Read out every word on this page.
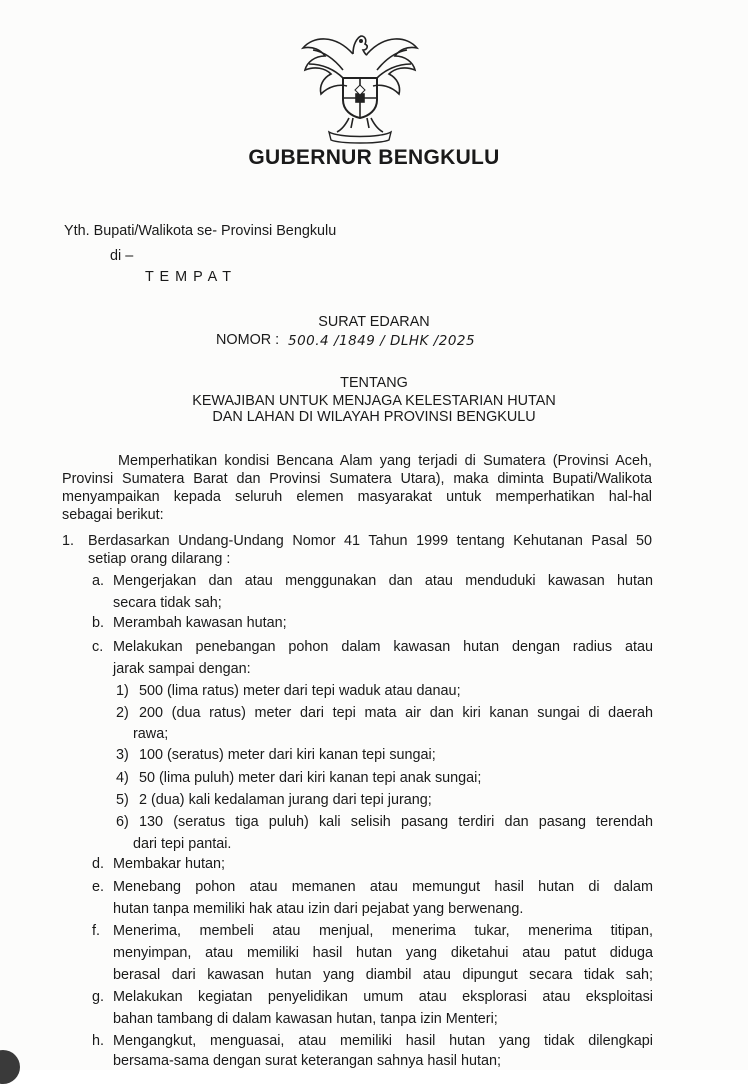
GUBERNUR BENGKULU
Yth. Bupati/Walikota se- Provinsi Bengkulu
di –
T E M P A T
SURAT EDARAN
NOMOR : 500.4 /1849 / DLHK /2025
TENTANG
KEWAJIBAN UNTUK MENJAGA KELESTARIAN HUTAN
DAN LAHAN DI WILAYAH PROVINSI BENGKULU
Memperhatikan kondisi Bencana Alam yang terjadi di Sumatera (Provinsi Aceh,
Provinsi Sumatera Barat dan Provinsi Sumatera Utara), maka diminta Bupati/Walikota
menyampaikan kepada seluruh elemen masyarakat untuk memperhatikan hal-hal
sebagai berikut:
1. Berdasarkan Undang-Undang Nomor 41 Tahun 1999 tentang Kehutanan Pasal 50
setiap orang dilarang :
a. Mengerjakan dan atau menggunakan dan atau menduduki kawasan hutan
secara tidak sah;
b. Merambah kawasan hutan;
c. Melakukan penebangan pohon dalam kawasan hutan dengan radius atau
jarak sampai dengan:
1) 500 (lima ratus) meter dari tepi waduk atau danau;
2) 200 (dua ratus) meter dari tepi mata air dan kiri kanan sungai di daerah
rawa;
3) 100 (seratus) meter dari kiri kanan tepi sungai;
4) 50 (lima puluh) meter dari kiri kanan tepi anak sungai;
5) 2 (dua) kali kedalaman jurang dari tepi jurang;
6) 130 (seratus tiga puluh) kali selisih pasang terdiri dan pasang terendah
dari tepi pantai.
d. Membakar hutan;
e. Menebang pohon atau memanen atau memungut hasil hutan di dalam
hutan tanpa memiliki hak atau izin dari pejabat yang berwenang.
f. Menerima, membeli atau menjual, menerima tukar, menerima titipan,
menyimpan, atau memiliki hasil hutan yang diketahui atau patut diduga
berasal dari kawasan hutan yang diambil atau dipungut secara tidak sah;
g. Melakukan kegiatan penyelidikan umum atau eksplorasi atau eksploitasi
bahan tambang di dalam kawasan hutan, tanpa izin Menteri;
h. Mengangkut, menguasai, atau memiliki hasil hutan yang tidak dilengkapi
bersama-sama dengan surat keterangan sahnya hasil hutan;
